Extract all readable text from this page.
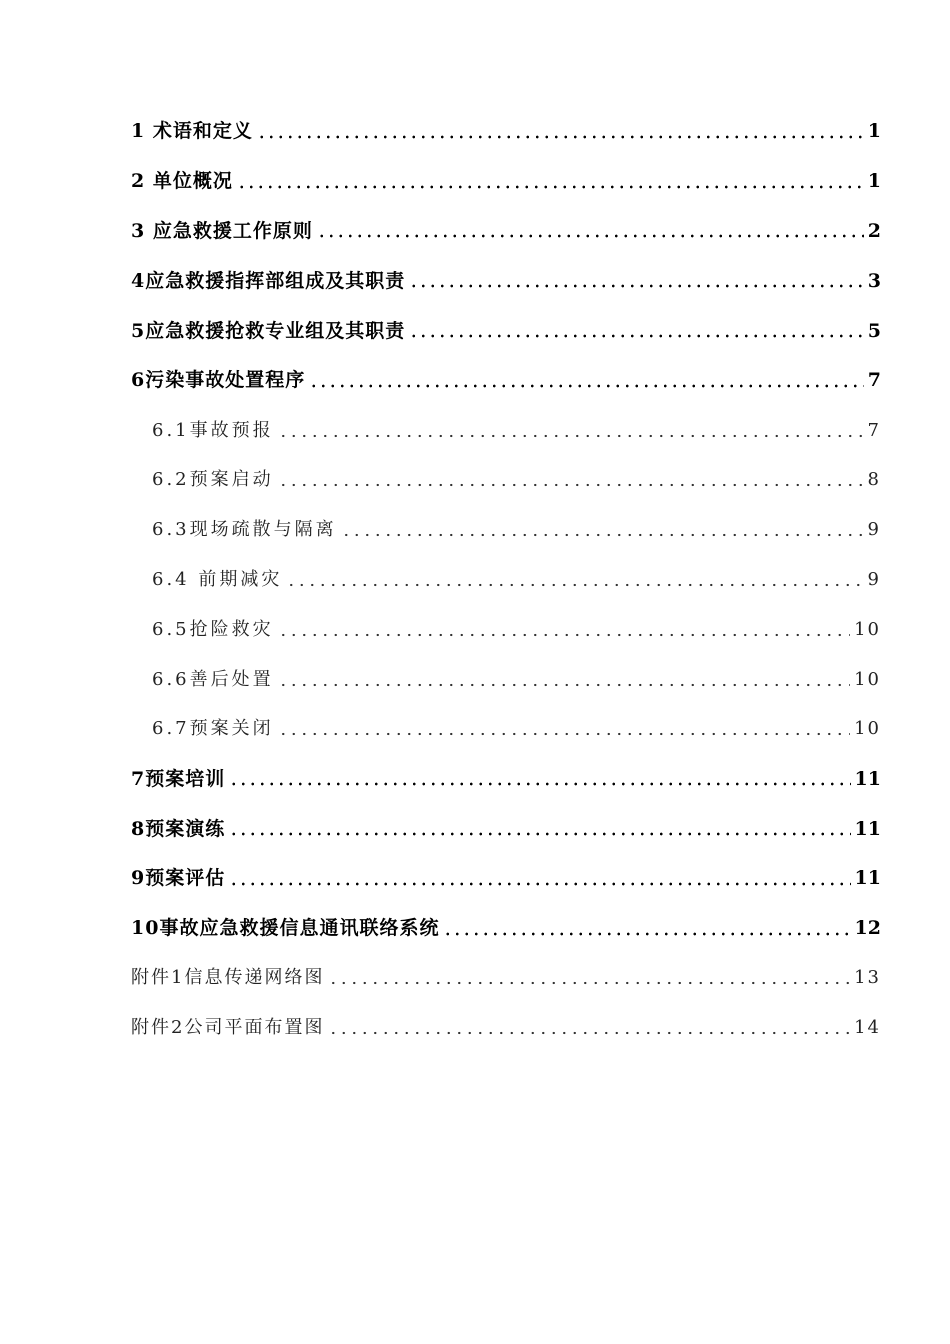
1 术语和定义	1
2 单位概况	1
3 应急救援工作原则	2
4应急救援指挥部组成及其职责	3
5应急救援抢救专业组及其职责	5
6污染事故处置程序	7
6.1事故预报	7
6.2预案启动	8
6.3现场疏散与隔离	9
6.4 前期减灾	9
6.5抢险救灾	10
6.6善后处置	10
6.7预案关闭	10
7预案培训	11
8预案演练	11
9预案评估	11
10事故应急救援信息通讯联络系统	12
附件1信息传递网络图	13
附件2公司平面布置图	14
